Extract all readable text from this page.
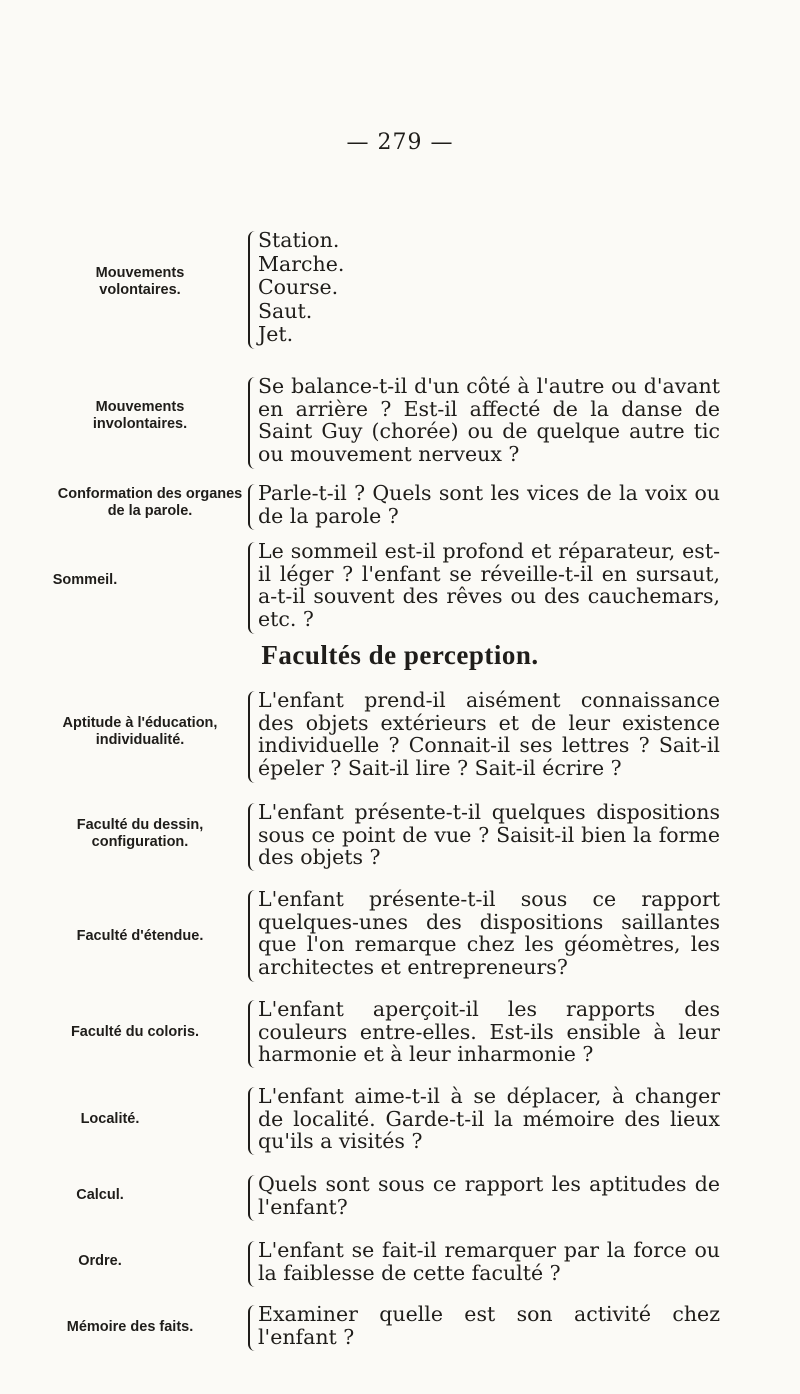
— 279 —
Mouvements volontaires.
Station.
Marche.
Course.
Saut.
Jet.
Mouvements involontaires.
Se balance-t-il d'un côté à l'autre ou d'avant en arrière ? Est-il affecté de la danse de Saint Guy (chorée) ou de quelque autre tic ou mouvement nerveux ?
Conformation des organes de la parole.
Parle-t-il ? Quels sont les vices de la voix ou de la parole ?
Sommeil.
Le sommeil est-il profond et réparateur, est-il léger ? l'enfant se réveille-t-il en sursaut, a-t-il souvent des rêves ou des cauchemars, etc. ?
Facultés de perception.
Aptitude à l'éducation, individualité.
L'enfant prend-il aisément connaissance des objets extérieurs et de leur existence individuelle ? Connait-il ses lettres ? Sait-il épeler ? Sait-il lire ? Sait-il écrire ?
Faculté du dessin, configuration.
L'enfant présente-t-il quelques dispositions sous ce point de vue ? Saisit-il bien la forme des objets ?
Faculté d'étendue.
L'enfant présente-t-il sous ce rapport quelques-unes des dispositions saillantes que l'on remarque chez les géomètres, les architectes et entrepreneurs?
Faculté du coloris.
L'enfant aperçoit-il les rapports des couleurs entre-elles. Est-ils ensible à leur harmonie et à leur inharmonie ?
Localité.
L'enfant aime-t-il à se déplacer, à changer de localité. Garde-t-il la mémoire des lieux qu'ils a visités ?
Calcul.	Quels sont sous ce rapport les aptitudes de l'enfant?
Ordre.	L'enfant se fait-il remarquer par la force ou la faiblesse de cette faculté ?
Mémoire des faits.
Examiner quelle est son activité chez l'enfant ?
